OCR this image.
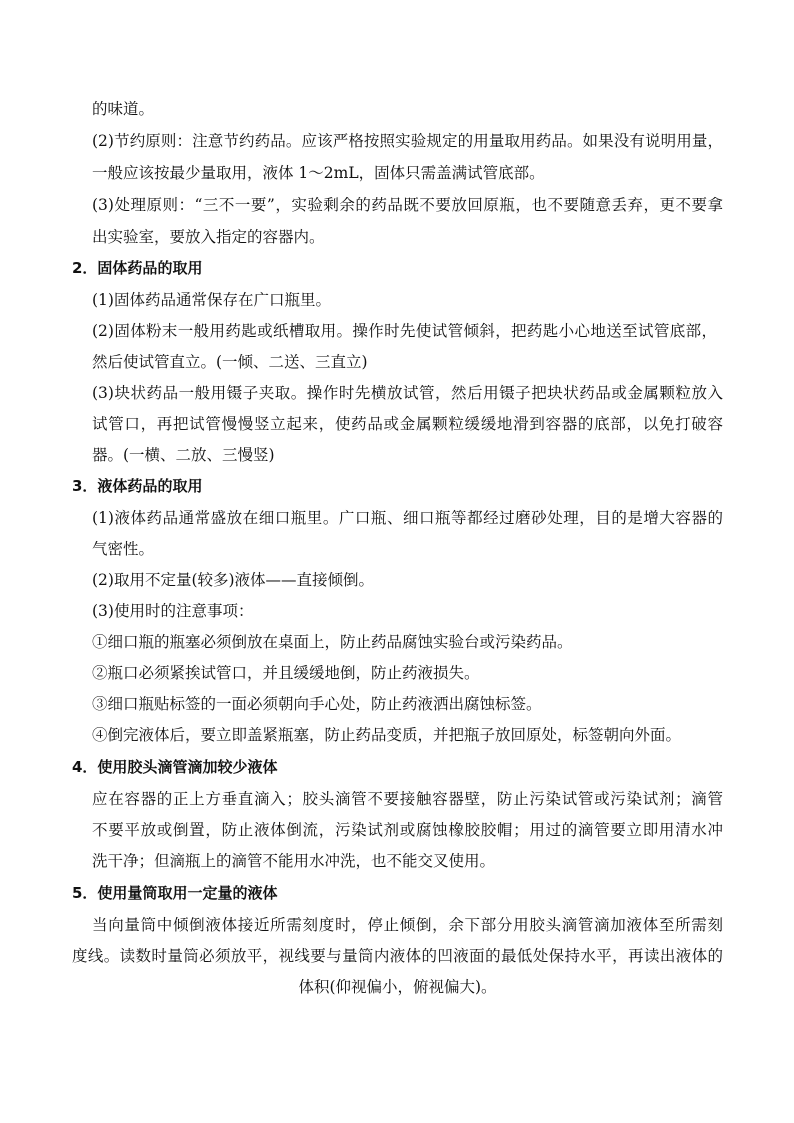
的味道。
(2)节约原则：注意节约药品。应该严格按照实验规定的用量取用药品。如果没有说明用量，
一般应该按最少量取用，液体 1～2mL，固体只需盖满试管底部。
(3)处理原则：“三不一要”，实验剩余的药品既不要放回原瓶，也不要随意丢弃，更不要拿
出实验室，要放入指定的容器内。
2．固体药品的取用
(1)固体药品通常保存在广口瓶里。
(2)固体粉末一般用药匙或纸槽取用。操作时先使试管倾斜，把药匙小心地送至试管底部，
然后使试管直立。(一倾、二送、三直立)
(3)块状药品一般用镊子夹取。操作时先横放试管，然后用镊子把块状药品或金属颗粒放入
试管口，再把试管慢慢竖立起来，使药品或金属颗粒缓缓地滑到容器的底部，以免打破容
器。(一横、二放、三慢竖)
3．液体药品的取用
(1)液体药品通常盛放在细口瓶里。广口瓶、细口瓶等都经过磨砂处理，目的是增大容器的
气密性。
(2)取用不定量(较多)液体——直接倾倒。
(3)使用时的注意事项：
①细口瓶的瓶塞必须倒放在桌面上，防止药品腐蚀实验台或污染药品。
②瓶口必须紧挨试管口，并且缓缓地倒，防止药液损失。
③细口瓶贴标签的一面必须朝向手心处，防止药液洒出腐蚀标签。
④倒完液体后，要立即盖紧瓶塞，防止药品变质，并把瓶子放回原处，标签朝向外面。
4．使用胶头滴管滴加较少液体
应在容器的正上方垂直滴入；胶头滴管不要接触容器壁，防止污染试管或污染试剂；滴管
不要平放或倒置，防止液体倒流，污染试剂或腐蚀橡胶胶帽；用过的滴管要立即用清水冲
洗干净；但滴瓶上的滴管不能用水冲洗，也不能交叉使用。
5．使用量筒取用一定量的液体
当向量筒中倾倒液体接近所需刻度时，停止倾倒，余下部分用胶头滴管滴加液体至所需刻
度线。读数时量筒必须放平，视线要与量筒内液体的凹液面的最低处保持水平，再读出液体的
体积(仰视偏小，俯视偏大)。
